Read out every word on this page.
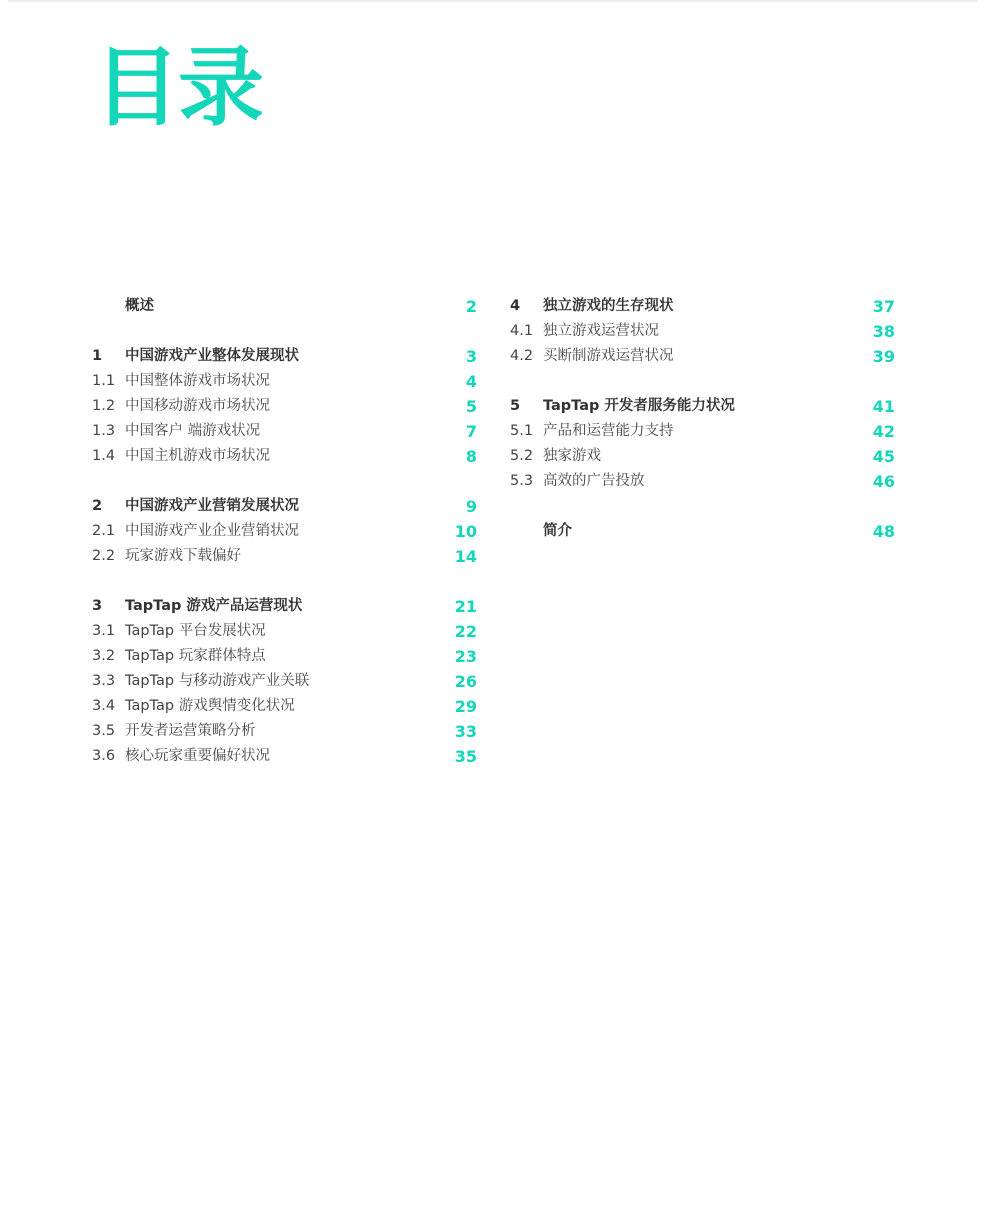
目录
概述	2
1 中国游戏产业整体发展现状	3
1.1 中国整体游戏市场状况	4
1.2 中国移动游戏市场状况	5
1.3 中国客户 端游戏状况	7
1.4 中国主机游戏市场状况	8
2 中国游戏产业营销发展状况	9
2.1 中国游戏产业企业营销状况	10
2.2 玩家游戏下载偏好	14
3 TapTap 游戏产品运营现状	21
3.1 TapTap 平台发展状况	22
3.2 TapTap 玩家群体特点	23
3.3 TapTap 与移动游戏产业关联	26
3.4 TapTap 游戏舆情变化状况	29
3.5 开发者运营策略分析	33
3.6 核心玩家重要偏好状况	35
4 独立游戏的生存现状	37
4.1 独立游戏运营状况	38
4.2 买断制游戏运营状况	39
5 TapTap 开发者服务能力状况	41
5.1 产品和运营能力支持	42
5.2 独家游戏	45
5.3 高效的广告投放	46
简介	48
